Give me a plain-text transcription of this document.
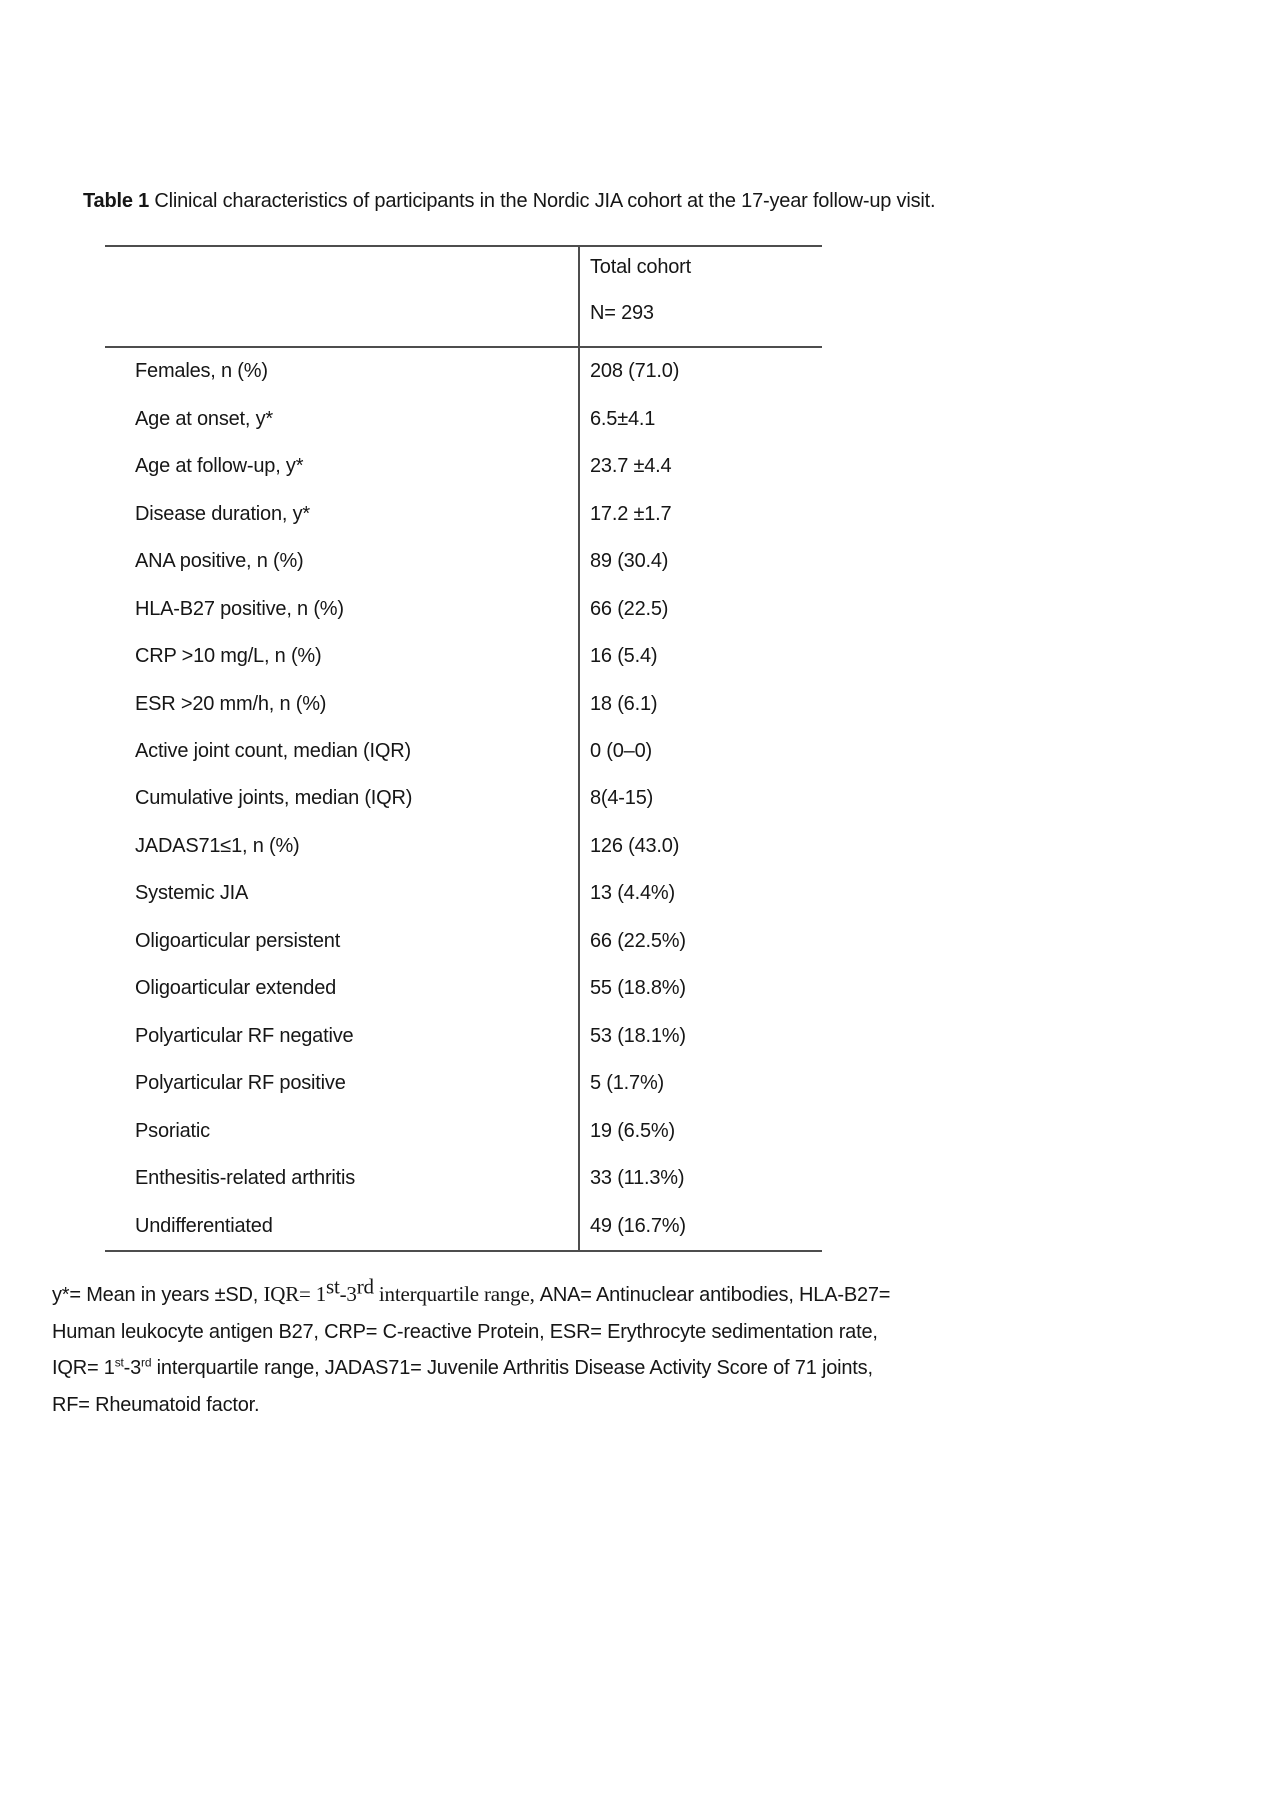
Table 1 Clinical characteristics of participants in the Nordic JIA cohort at the 17-year follow-up visit.
Total cohort
N= 293
Females, n (%)	208 (71.0)
Age at onset, y*	6.5±4.1
Age at follow-up, y*	23.7 ±4.4
Disease duration, y*	17.2 ±1.7
ANA positive, n (%)	89 (30.4)
HLA-B27 positive, n (%)	66 (22.5)
CRP >10 mg/L, n (%)	16 (5.4)
ESR >20 mm/h, n (%)	18 (6.1)
Active joint count, median (IQR)	0 (0–0)
Cumulative joints, median (IQR)	8(4-15)
JADAS71≤1, n (%)	126 (43.0)
Systemic JIA	13 (4.4%)
Oligoarticular persistent	66 (22.5%)
Oligoarticular extended	55 (18.8%)
Polyarticular RF negative	53 (18.1%)
Polyarticular RF positive	5 (1.7%)
Psoriatic	19 (6.5%)
Enthesitis-related arthritis	33 (11.3%)
Undifferentiated	49 (16.7%)
y*= Mean in years ±SD, IQR= 1st-3rd interquartile range, ANA= Antinuclear antibodies, HLA-B27=
Human leukocyte antigen B27, CRP= C-reactive Protein, ESR= Erythrocyte sedimentation rate,
IQR= 1st-3rd interquartile range, JADAS71= Juvenile Arthritis Disease Activity Score of 71 joints,
RF= Rheumatoid factor.
